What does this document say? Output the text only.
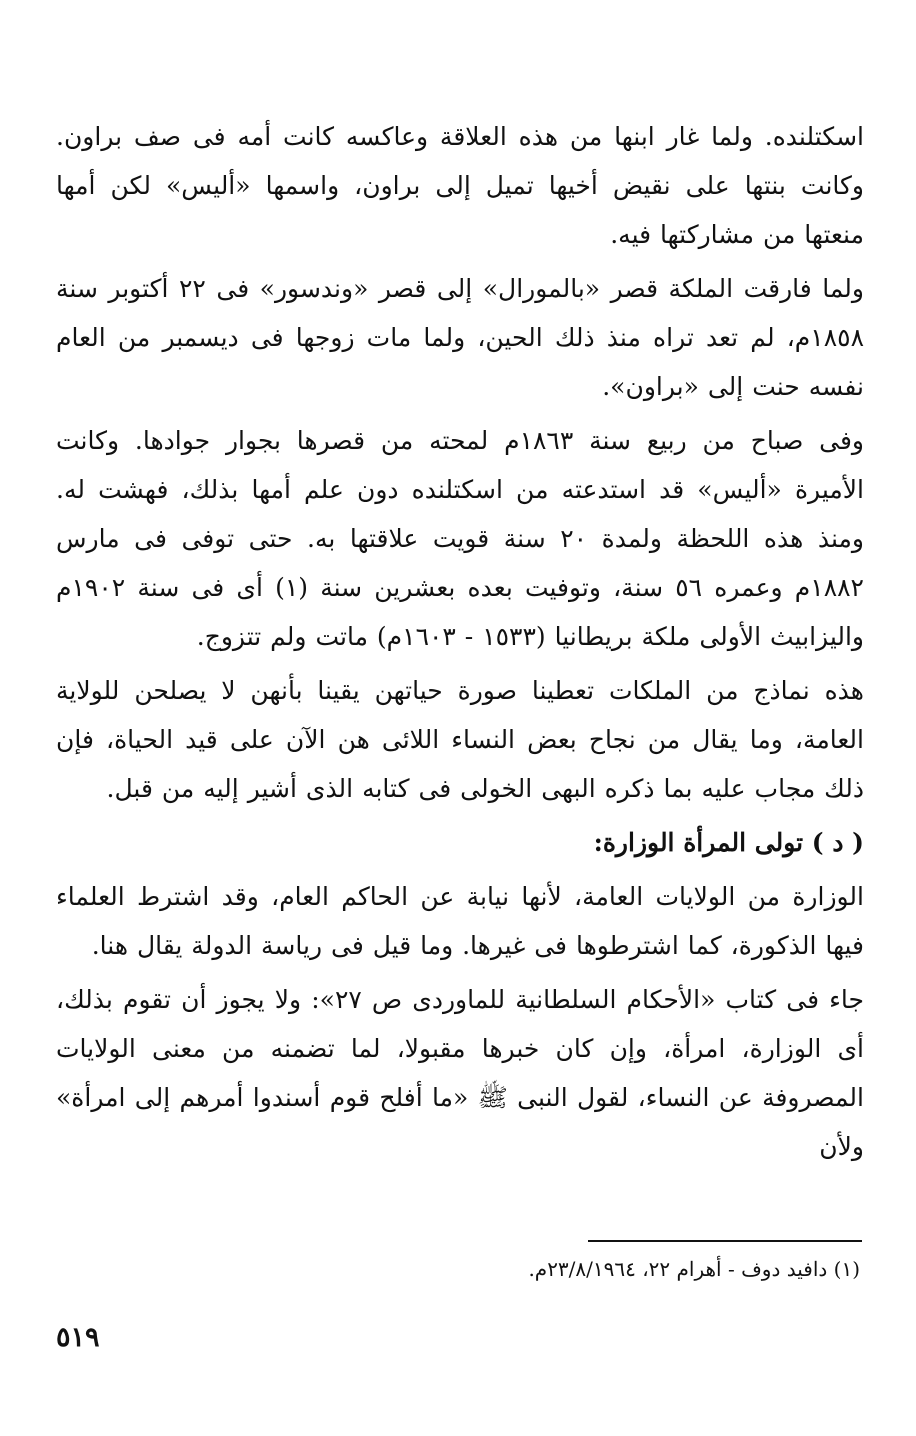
اسكتلنده. ولما غار ابنها من هذه العلاقة وعاكسه كانت أمه فى صف براون. وكانت بنتها على نقيض أخيها تميل إلى براون، واسمها «أليس» لكن أمها منعتها من مشاركتها فيه.

ولما فارقت الملكة قصر «بالمورال» إلى قصر «وندسور» فى ٢٢ أكتوبر سنة ١٨٥٨م، لم تعد تراه منذ ذلك الحين، ولما مات زوجها فى ديسمبر من العام نفسه حنت إلى «براون».

وفى صباح من ربيع سنة ١٨٦٣م لمحته من قصرها بجوار جوادها. وكانت الأميرة «أليس» قد استدعته من اسكتلنده دون علم أمها بذلك، فهشت له. ومنذ هذه اللحظة ولمدة ٢٠ سنة قويت علاقتها به. حتى توفى فى مارس ١٨٨٢م وعمره ٥٦ سنة، وتوفيت بعده بعشرين سنة (١) أى فى سنة ١٩٠٢م واليزابيث الأولى ملكة بريطانيا (١٥٣٣ - ١٦٠٣م) ماتت ولم تتزوج.

هذه نماذج من الملكات تعطينا صورة حياتهن يقينا بأنهن لا يصلحن للولاية العامة، وما يقال من نجاح بعض النساء اللائى هن الآن على قيد الحياة، فإن ذلك مجاب عليه بما ذكره البهى الخولى فى كتابه الذى أشير إليه من قبل.

( د ) تولى المرأة الوزارة:

الوزارة من الولايات العامة، لأنها نيابة عن الحاكم العام، وقد اشترط العلماء فيها الذكورة، كما اشترطوها فى غيرها. وما قيل فى رياسة الدولة يقال هنا.

جاء فى كتاب «الأحكام السلطانية للماوردى ص ٢٧»: ولا يجوز أن تقوم بذلك، أى الوزارة، امرأة، وإن كان خبرها مقبولا، لما تضمنه من معنى الولايات المصروفة عن النساء، لقول النبى ﷺ «ما أفلح قوم أسندوا أمرهم إلى امرأة» ولأن

(١) دافيد دوف - أهرام ٢٢، ٢٣/٨/١٩٦٤م.
٥١٩
